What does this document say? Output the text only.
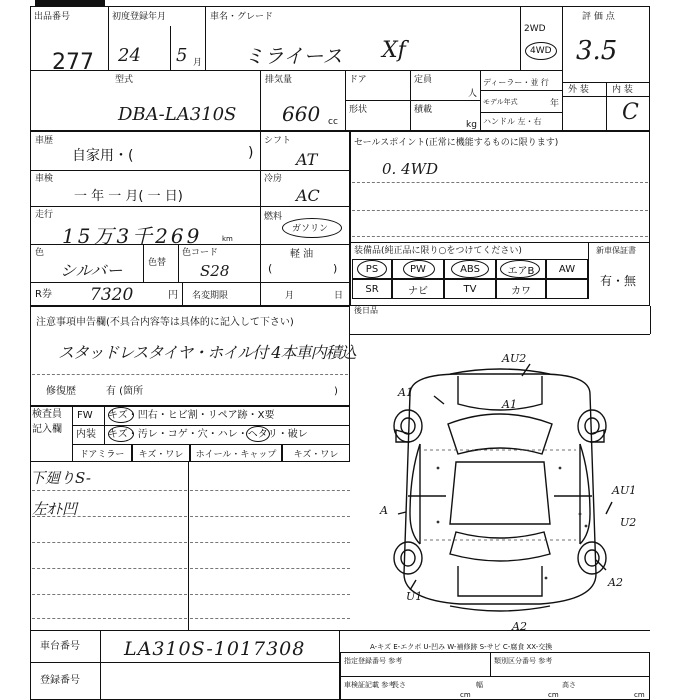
出品番号
277
初度登録年月
24 5 月
車名・グレード
ミライース Xf
2WD
4WD
評 価 点
3.5
型式
DBA-LA310S
排気量
660 cc
ドア	定員
人
形状	積載
kg
ディーラー・並 行
モデル年式	年
ハンドル 左・右
外 装	内 装
C
車歴
自家用・(	)
車検
一 年 一 月( 一 日)
走行
15万3千269	km
色
シルバー	色替
色コード
S28
R券 7320	円 名変期限	月	日
シフト
AT
冷房
AC
燃料
ガソリン
軽 油
(	)
セールスポイント(正常に機能するものに限ります)
0. 4WD
装備品(純正品に限り○をつけてください)	新車保証書
有・無
PS	PW	ABS	エアB	AW
SR	ナビ	TV	カワ
後日品
注意事項申告欄(不具合内容等は具体的に記入して下さい)
スタッドレスタイヤ・ホイル付 4本車内積込
修復歴	有 (箇所	)
検査員
記入欄
FW キズ・凹右・ヒビ割・リペア跡・X要
内装 キズ・汚レ・コゲ・穴・ハレ・ヘタリ・破レ
ドアミラー	キズ・ワレ	ホイール・キャップ	キズ・ワレ
下廻りS-
左ｵﾄ凹
AU2
A1
A1
AU1
A
U2
U1
A2
A2
A-キズ E-エクボ U-凹み W-補修跡 S-サビ C-腐食 XX-交換
車台番号 LA310S-1017308
登録番号
指定登録番号 参考	類別区分番号 参考
車検証記載 参考
長さ
cm
幅
cm
高さ
cm
